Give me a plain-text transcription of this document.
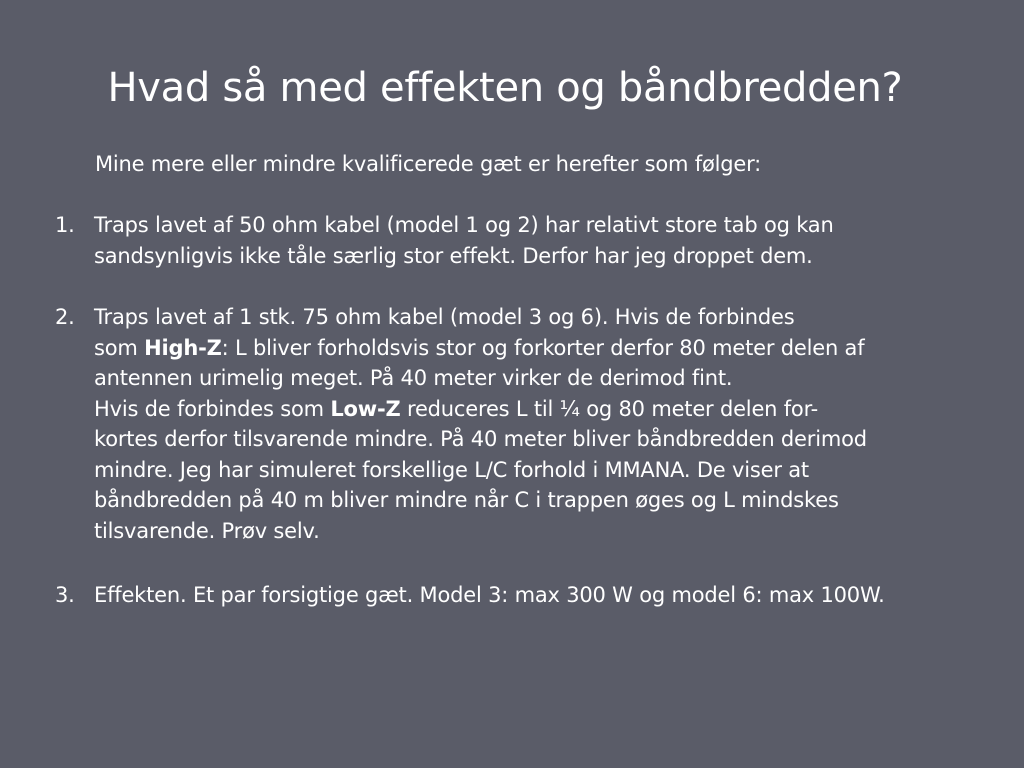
Hvad så med effekten og båndbredden?

Mine mere eller mindre kvalificerede gæt er herefter som følger:

1. Traps lavet af 50 ohm kabel (model 1 og 2) har relativt store tab og kan
sandsynligvis ikke tåle særlig stor effekt. Derfor har jeg droppet dem.
2. Traps lavet af 1 stk. 75 ohm kabel (model 3 og 6). Hvis de forbindes
som High-Z: L bliver forholdsvis stor og forkorter derfor 80 meter delen af
antennen urimelig meget. På 40 meter virker de derimod fint.
Hvis de forbindes som Low-Z reduceres L til ¼ og 80 meter delen for-
kortes derfor tilsvarende mindre. På 40 meter bliver båndbredden derimod
mindre. Jeg har simuleret forskellige L/C forhold i MMANA. De viser at
båndbredden på 40 m bliver mindre når C i trappen øges og L mindskes
tilsvarende. Prøv selv.
3. Effekten. Et par forsigtige gæt. Model 3: max 300 W og model 6: max 100W.
